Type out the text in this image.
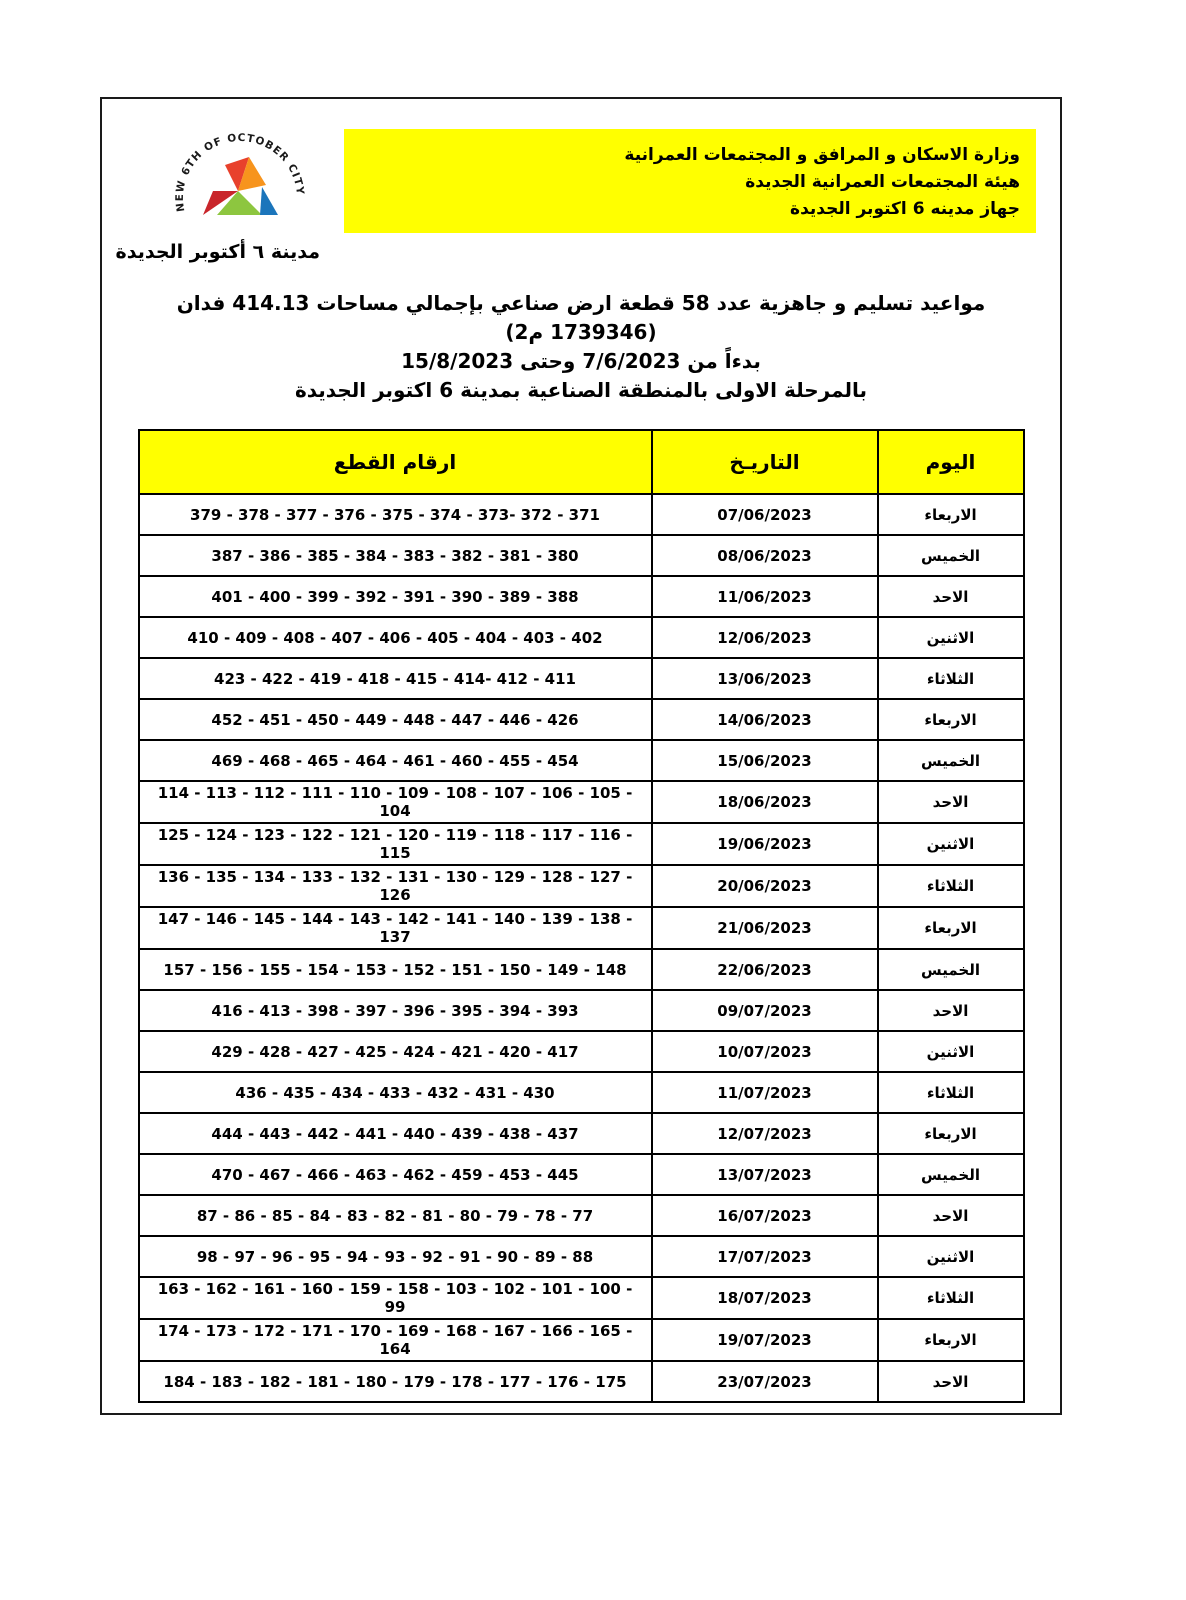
NEW 6TH OF OCTOBER CITY
مدينة ٦ أكتوبر الجديدة
وزارة الاسكان و المرافق و المجتمعات العمرانية
هيئة المجتمعات العمرانية الجديدة
جهاز مدينه 6 اكتوبر الجديدة
مواعيد تسليم و جاهزية عدد 58 قطعة ارض صناعي بإجمالي مساحات 414.13 فدان (1739346 م2)
بدءاً من 7/6/2023 وحتى 15/8/2023
بالمرحلة الاولى بالمنطقة الصناعية بمدينة 6 اكتوبر الجديدة
اليوم	التاريـخ	ارقام القطع
الاربعاء	07/06/2023	379 - 378 - 377 - 376 - 375 - 374 - 373- 372 - 371
الخميس	08/06/2023	387 - 386 - 385 - 384 - 383 - 382 - 381 - 380
الاحد	11/06/2023	401 - 400 - 399 - 392 - 391 - 390 - 389 - 388
الاثنين	12/06/2023	410 - 409 - 408 - 407 - 406 - 405 - 404 - 403 - 402
الثلاثاء	13/06/2023	423 - 422 - 419 - 418 - 415 - 414- 412 - 411
الاربعاء	14/06/2023	452 - 451 - 450 - 449 - 448 - 447 - 446 - 426
الخميس	15/06/2023	469 - 468 - 465 - 464 - 461 - 460 - 455 - 454
الاحد	18/06/2023	114 - 113 - 112 - 111 - 110 - 109 - 108 - 107 - 106 - 105 - 104
الاثنين	19/06/2023	125 - 124 - 123 - 122 - 121 - 120 - 119 - 118 - 117 - 116 - 115
الثلاثاء	20/06/2023	136 - 135 - 134 - 133 - 132 - 131 - 130 - 129 - 128 - 127 - 126
الاربعاء	21/06/2023	147 - 146 - 145 - 144 - 143 - 142 - 141 - 140 - 139 - 138 - 137
الخميس	22/06/2023	157 - 156 - 155 - 154 - 153 - 152 - 151 - 150 - 149 - 148
الاحد	09/07/2023	416 - 413 - 398 - 397 - 396 - 395 - 394 - 393
الاثنين	10/07/2023	429 - 428 - 427 - 425 - 424 - 421 - 420 - 417
الثلاثاء	11/07/2023	436 - 435 - 434 - 433 - 432 - 431 - 430
الاربعاء	12/07/2023	444 - 443 - 442 - 441 - 440 - 439 - 438 - 437
الخميس	13/07/2023	470 - 467 - 466 - 463 - 462 - 459 - 453 - 445
الاحد	16/07/2023	87 - 86 - 85 - 84 - 83 - 82 - 81 - 80 - 79 - 78 - 77
الاثنين	17/07/2023	98 - 97 - 96 - 95 - 94 - 93 - 92 - 91 - 90 - 89 - 88
الثلاثاء	18/07/2023	163 - 162 - 161 - 160 - 159 - 158 - 103 - 102 - 101 - 100 - 99
الاربعاء	19/07/2023	174 - 173 - 172 - 171 - 170 - 169 - 168 - 167 - 166 - 165 - 164
الاحد	23/07/2023	184 - 183 - 182 - 181 - 180 - 179 - 178 - 177 - 176 - 175
